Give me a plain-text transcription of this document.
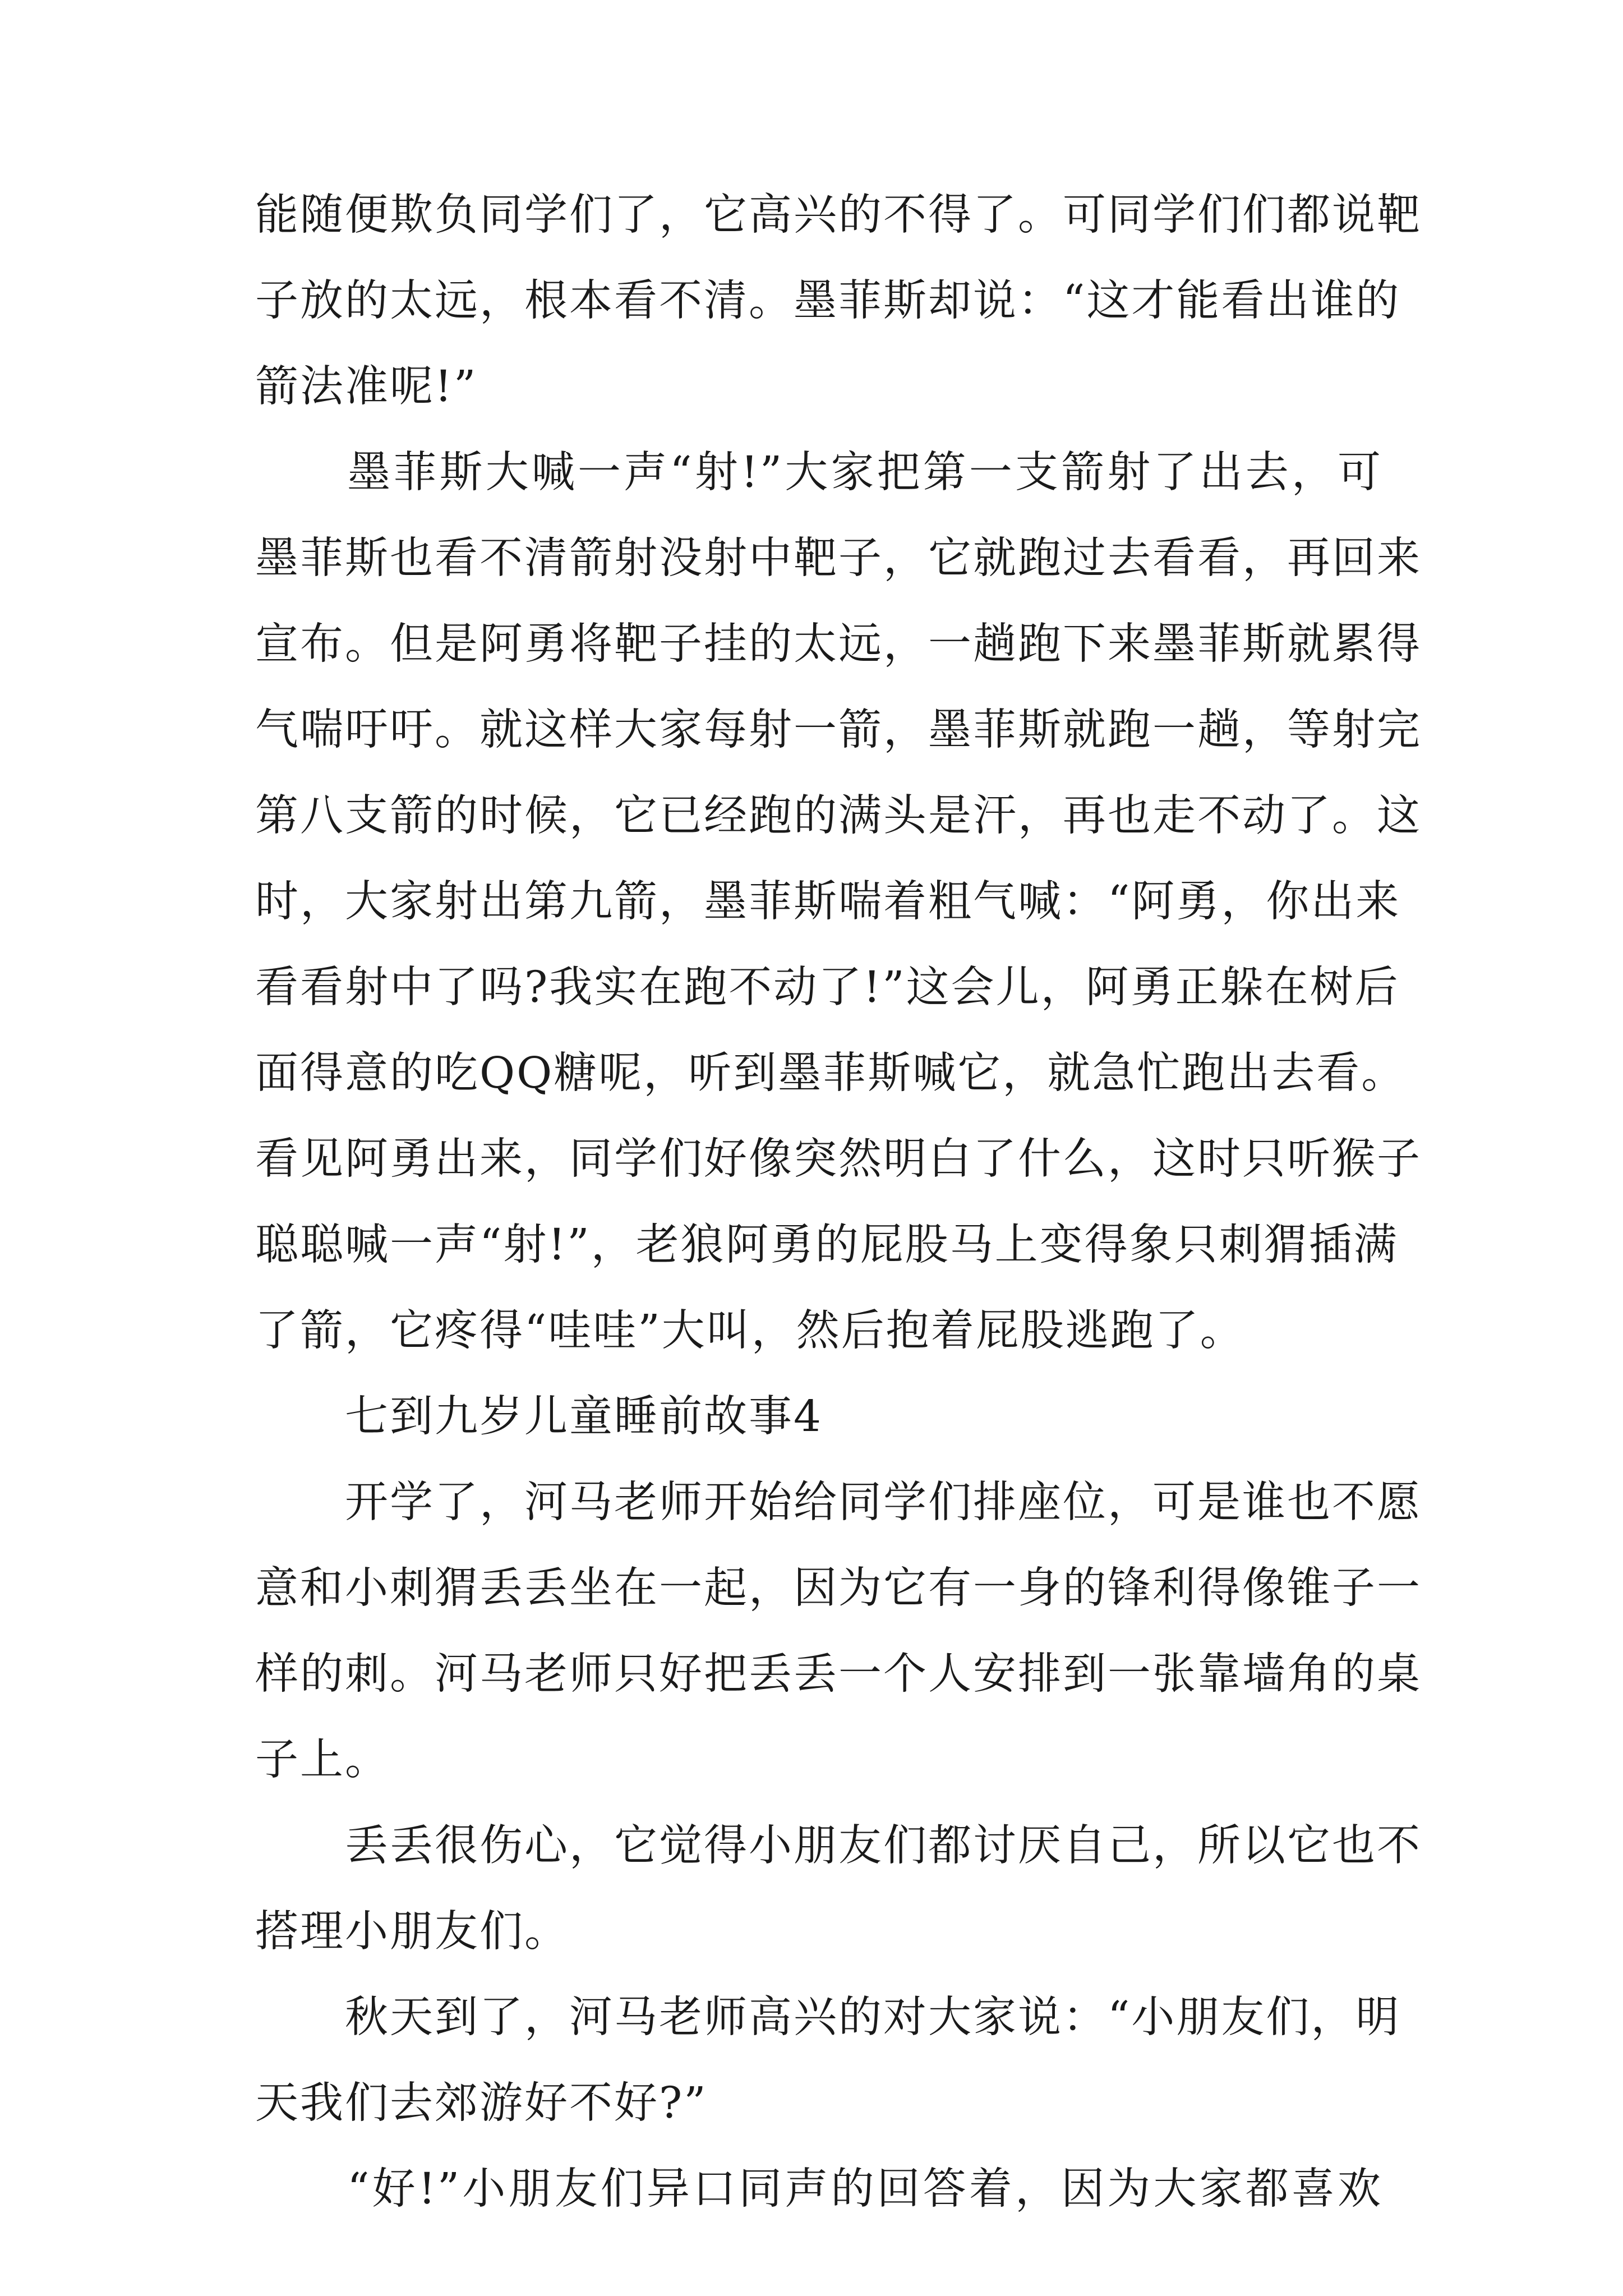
能随便欺负同学们了，它高兴的不得了。可同学们们都说靶
子放的太远，根本看不清。墨菲斯却说：“这才能看出谁的
箭法准呢!”
　　墨菲斯大喊一声“射!”大家把第一支箭射了出去，可
墨菲斯也看不清箭射没射中靶子，它就跑过去看看，再回来
宣布。但是阿勇将靶子挂的太远，一趟跑下来墨菲斯就累得
气喘吁吁。就这样大家每射一箭，墨菲斯就跑一趟，等射完
第八支箭的时候，它已经跑的满头是汗，再也走不动了。这
时，大家射出第九箭，墨菲斯喘着粗气喊：“阿勇，你出来
看看射中了吗?我实在跑不动了!”这会儿，阿勇正躲在树后
面得意的吃QQ糖呢，听到墨菲斯喊它，就急忙跑出去看。
看见阿勇出来，同学们好像突然明白了什么，这时只听猴子
聪聪喊一声“射!”，老狼阿勇的屁股马上变得象只刺猬插满
了箭，它疼得“哇哇”大叫，然后抱着屁股逃跑了。
　　七到九岁儿童睡前故事4
　　开学了，河马老师开始给同学们排座位，可是谁也不愿
意和小刺猬丢丢坐在一起，因为它有一身的锋利得像锥子一
样的刺。河马老师只好把丢丢一个人安排到一张靠墙角的桌
子上。
　　丢丢很伤心，它觉得小朋友们都讨厌自己，所以它也不
搭理小朋友们。
　　秋天到了，河马老师高兴的对大家说：“小朋友们，明
天我们去郊游好不好?”
　　“好!”小朋友们异口同声的回答着，因为大家都喜欢
